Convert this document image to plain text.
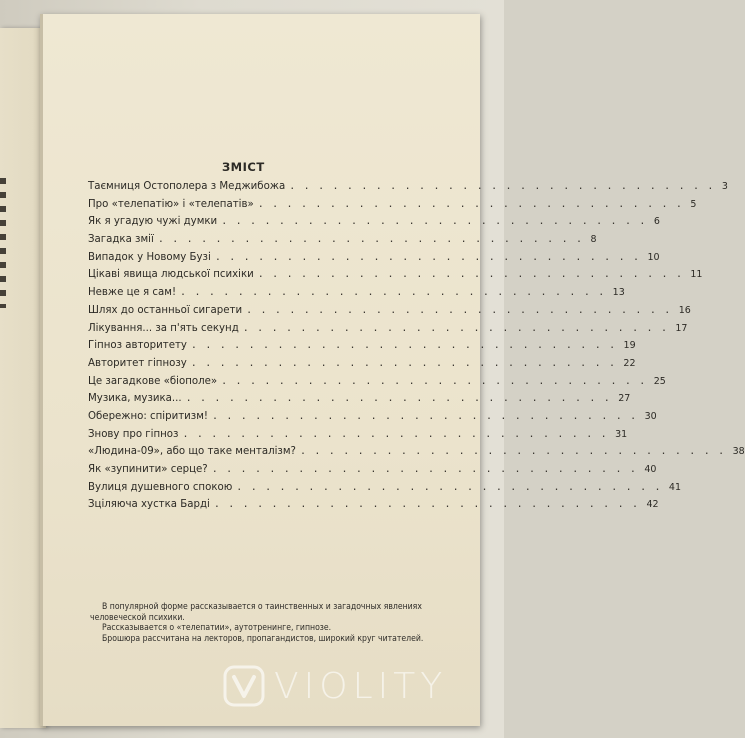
ЗМІСТ
Таємниця Остополера з Меджибожа .............................. 3
Про «телепатію» і «телепатів» .............................. 5
Як я угадую чужі думки .............................. 6
Загадка змії .............................. 8
Випадок у Новому Бузі .............................. 10
Цікаві явища людської психіки .............................. 11
Невже це я сам! .............................. 13
Шлях до останньої сигарети .............................. 16
Лікування... за п'ять секунд .............................. 17
Гіпноз авторитету .............................. 19
Авторитет гіпнозу .............................. 22
Це загадкове «біополе» .............................. 25
Музика, музика... .............................. 27
Обережно: спіритизм! .............................. 30
Знову про гіпноз .............................. 31
«Людина-09», або що таке менталізм? .............................. 38
Як «зупинити» серце? .............................. 40
Вулиця душевного спокою .............................. 41
Зціляюча хустка Барді .............................. 42

В популярной форме рассказывается о таинственных и загадочных явлениях человеческой психики.

Рассказывается о «телепатии», аутотренинге, гипнозе.

Брошюра рассчитана на лекторов, пропагандистов, широкий круг читателей.

VIOLITY
